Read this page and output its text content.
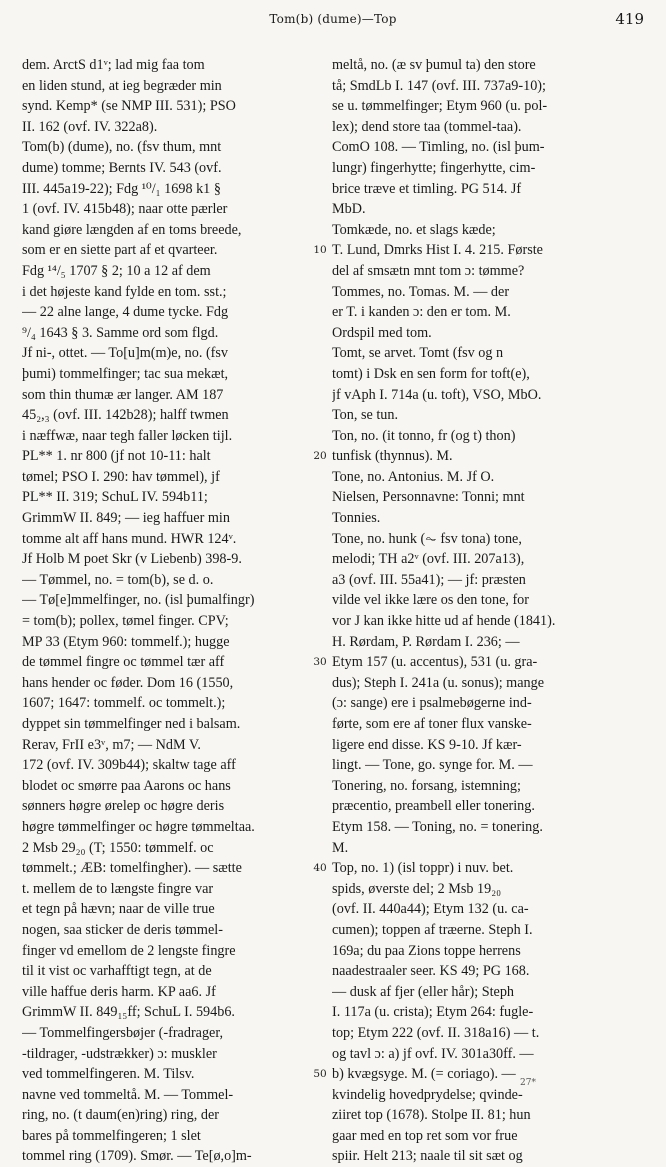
Tom(b) (dume)—Top	419
dem. ArctS d1ᵛ; lad mig faa tom
en liden stund, at ieg begræder min
synd. Kemp* (se NMP III. 531); PSO
II. 162 (ovf. IV. 322a8).
Tom(b) (dume), no. (fsv thum, mnt
dume) tomme; Bernts IV. 543 (ovf.
III. 445a19-22); Fdg ¹⁰/₁ 1698 k1 §
1 (ovf. IV. 415b48); naar otte pærler
kand giøre længden af en toms breede,
som er en siette part af et qvarteer.
Fdg ¹⁴/₅ 1707 § 2; 10 a 12 af dem
i det højeste kand fylde en tom. sst.;
— 22 alne lange, 4 dume tycke. Fdg
⁹/₄ 1643 § 3. Samme ord som flgd.
Jf ni-, ottet. — To[u]m(m)e, no. (fsv
þumi) tommelfinger; tac sua mekæt,
som thin thumæ ær langer. AM 187
45₂,₃ (ovf. III. 142b28); halff twmen
i næffwæ, naar tegh faller løcken tijl.
PL** 1. nr 800 (jf not 10-11: halt
tømel; PSO I. 290: hav tømmel), jf
PL** II. 319; SchuL IV. 594b11;
GrimmW II. 849; — ieg haffuer min
tomme alt aff hans mund. HWR 124ᵛ.
Jf Holb M poet Skr (v Liebenb) 398-9.
— Tømmel, no. = tom(b), se d. o.
— Tø[e]mmelfinger, no. (isl þumalfingr)
= tom(b); pollex, tømel finger. CPV;
MP 33 (Etym 960: tommelf.); hugge
de tømmel fingre oc tømmel tær aff
hans hender oc føder. Dom 16 (1550,
1607; 1647: tommelf. oc tommelt.);
dyppet sin tømmelfinger ned i balsam.
Rerav, FrII e3ᵛ, m7; — NdM V.
172 (ovf. IV. 309b44); skaltw tage aff
blodet oc smørre paa Aarons oc hans
sønners høgre ørelep oc høgre deris
høgre tømmelfinger oc høgre tømmeltaa.
2 Msb 29₂₀ (T; 1550: tømmelf. oc
tømmelt.; ÆB: tomelfingher). — sætte
t. mellem de to længste fingre var
et tegn på hævn; naar de ville true
nogen, saa sticker de deris tømmel-
finger vd emellom de 2 lengste fingre
til it vist oc varhafftigt tegn, at de
ville haffue deris harm. KP aa6. Jf
GrimmW II. 849₁₅ff; SchuL I. 594b6.
— Tommelfingersbøjer (-fradrager,
-tildrager, -udstrækker) ɔ: muskler
ved tommelfingeren. M. Tilsv.
navne ved tommeltå. M. — Tommel-
ring, no. (t daum(en)ring) ring, der
bares på tommelfingeren; 1 slet
tommel ring (1709). Smør. — Te[ø,o]m-
10
20
30
40
50
meltå, no. (æ sv þumul ta) den store
tå; SmdLb I. 147 (ovf. III. 737a9-10);
se u. tømmelfinger; Etym 960 (u. pol-
lex); dend store taa (tommel-taa).
ComO 108. — Timling, no. (isl þum-
lungr) fingerhytte; fingerhytte, cim-
brice træve et timling. PG 514. Jf
MbD.
Tomkæde, no. et slags kæde;
T. Lund, Dmrks Hist I. 4. 215. Første
del af smsætn mnt tom ɔ: tømme?
Tommes, no. Tomas. M. — der
er T. i kanden ɔ: den er tom. M.
Ordspil med tom.
Tomt, se arvet. Tomt (fsv og n
tomt) i Dsk en sen form for toft(e),
jf vAph I. 714a (u. toft), VSO, MbO.
Ton, se tun.
Ton, no. (it tonno, fr (og t) thon)
tunfisk (thynnus). M.
Tone, no. Antonius. M. Jf O.
Nielsen, Personnavne: Tonni; mnt
Tonnies.
Tone, no. hunk (⏦ fsv tona) tone,
melodi; TH a2ᵛ (ovf. III. 207a13),
a3 (ovf. III. 55a41); — jf: præsten
vilde vel ikke lære os den tone, for
vor J kan ikke hitte ud af hende (1841).
H. Rørdam, P. Rørdam I. 236; —
Etym 157 (u. accentus), 531 (u. gra-
dus); Steph I. 241a (u. sonus); mange
(ɔ: sange) ere i psalmebøgerne ind-
førte, som ere af toner flux vanske-
ligere end disse. KS 9-10. Jf kær-
lingt. — Tone, go. synge for. M. —
Tonering, no. forsang, istemning;
præcentio, preambell eller tonering.
Etym 158. — Toning, no. = tonering.
M.
Top, no. 1) (isl toppr) i nuv. bet.
spids, øverste del; 2 Msb 19₂₀
(ovf. II. 440a44); Etym 132 (u. ca-
cumen); toppen af træerne. Steph I.
169a; du paa Zions toppe herrens
naadestraaler seer. KS 49; PG 168.
— dusk af fjer (eller hår); Steph
I. 117a (u. crista); Etym 264: fugle-
top; Etym 222 (ovf. II. 318a16) — t.
og tavl ɔ: a) jf ovf. IV. 301a30ff. —
b) kvægsyge. M. (= coriago). —
kvindelig hovedprydelse; qvinde-
ziiret top (1678). Stolpe II. 81; hun
gaar med en top ret som vor frue
spiir. Helt 213; naale til sit sæt og
27*
